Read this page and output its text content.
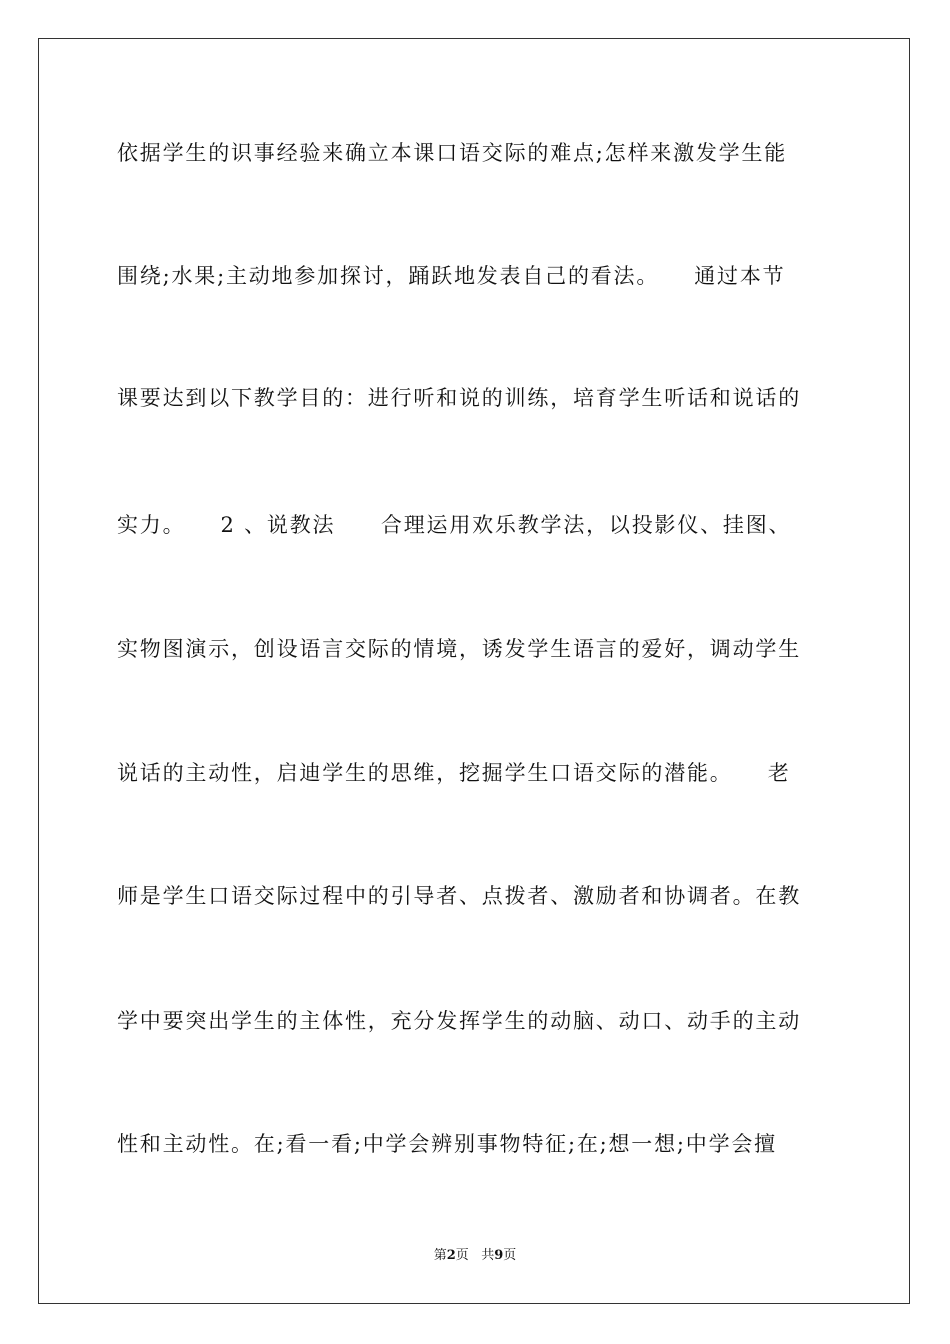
依据学生的识事经验来确立本课口语交际的难点;怎样来激发学生能
围绕;水果;主动地参加探讨，踊跃地发表自己的看法。　　通过本节
课要达到以下教学目的：进行听和说的训练，培育学生听话和说话的
实力。　　2 、说教法　　合理运用欢乐教学法，以投影仪、挂图、
实物图演示，创设语言交际的情境，诱发学生语言的爱好，调动学生
说话的主动性，启迪学生的思维，挖掘学生口语交际的潜能。　　老
师是学生口语交际过程中的引导者、点拨者、激励者和协调者。在教
学中要突出学生的主体性，充分发挥学生的动脑、动口、动手的主动
性和主动性。在;看一看;中学会辨别事物特征;在;想一想;中学会擅
第2页 共9页
